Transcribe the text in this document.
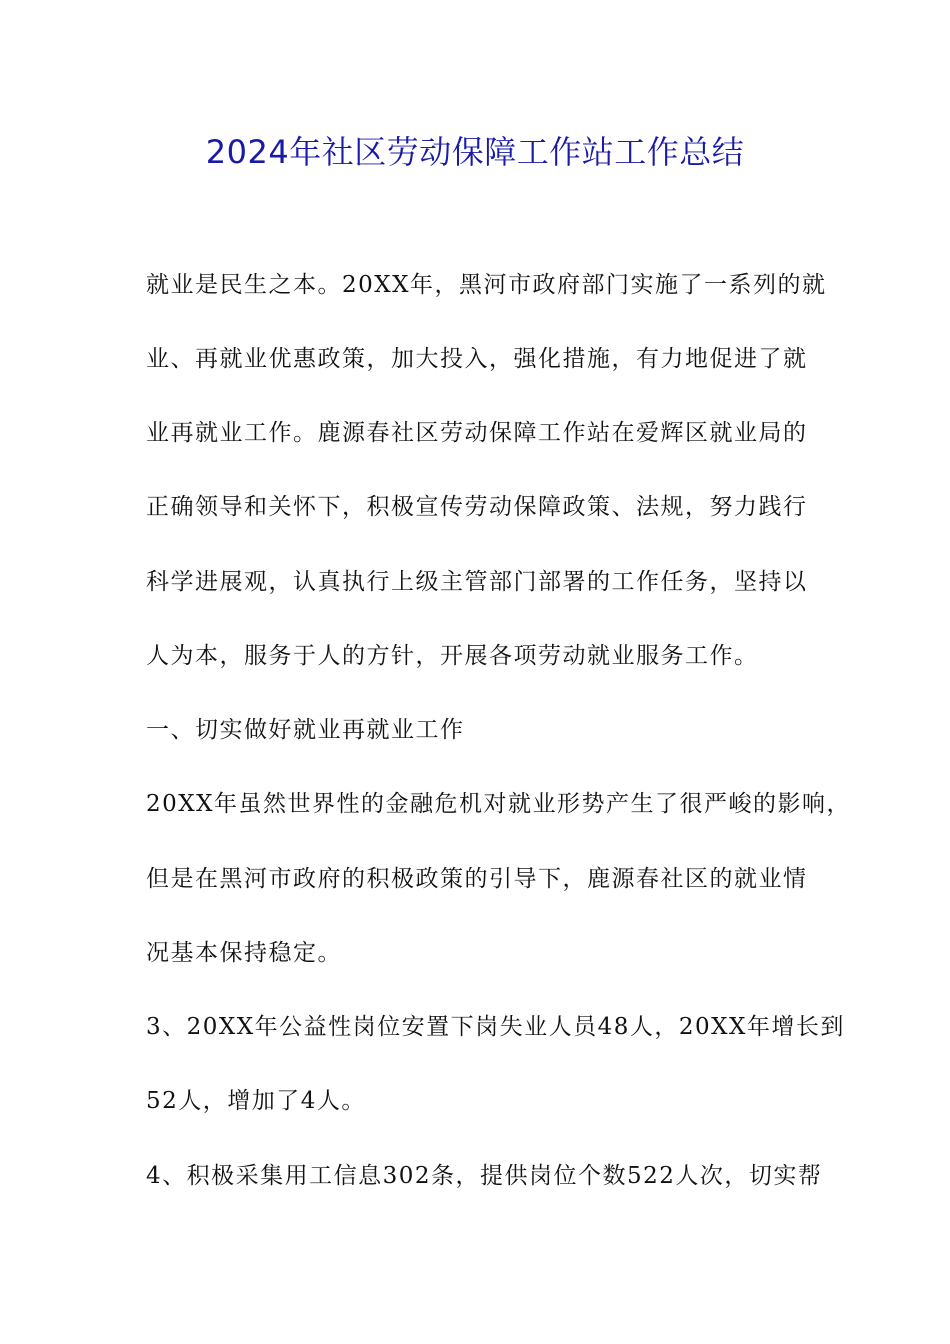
2024年社区劳动保障工作站工作总结

就业是民生之本。20XX年，黑河市政府部门实施了一系列的就

业、再就业优惠政策，加大投入，强化措施，有力地促进了就

业再就业工作。鹿源春社区劳动保障工作站在爱辉区就业局的

正确领导和关怀下，积极宣传劳动保障政策、法规，努力践行

科学进展观，认真执行上级主管部门部署的工作任务，坚持以

人为本，服务于人的方针，开展各项劳动就业服务工作。

一、切实做好就业再就业工作

20XX年虽然世界性的金融危机对就业形势产生了很严峻的影响，

但是在黑河市政府的积极政策的引导下，鹿源春社区的就业情

况基本保持稳定。

3、20XX年公益性岗位安置下岗失业人员48人，20XX年增长到

52人，增加了4人。

4、积极采集用工信息302条，提供岗位个数522人次，切实帮
